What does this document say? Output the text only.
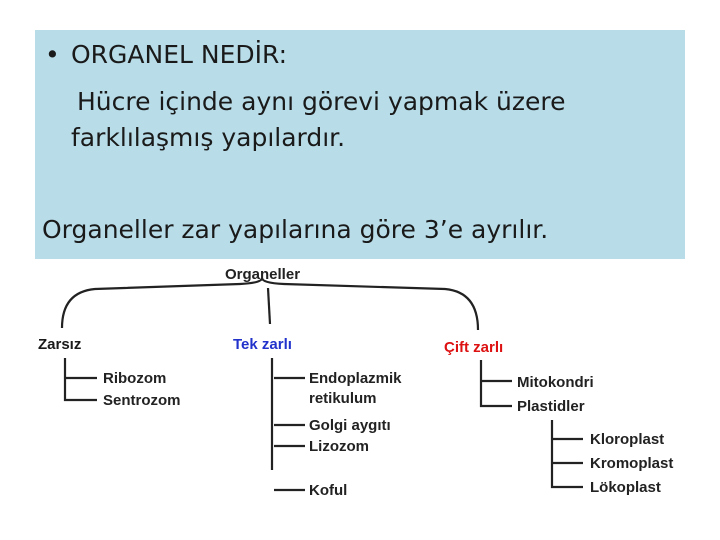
• ORGANEL NEDİR:
Hücre içinde aynı görevi yapmak üzere
farklılaşmış yapılardır.
Organeller zar yapılarına göre 3’e ayrılır.
Organeller
Zarsız	Tek zarlı	Çift zarlı
Ribozom
Sentrozom
Endoplazmik
retikulum
Golgi aygıtı
Lizozom
Koful
Mitokondri
Plastidler
Kloroplast
Kromoplast
Lökoplast
